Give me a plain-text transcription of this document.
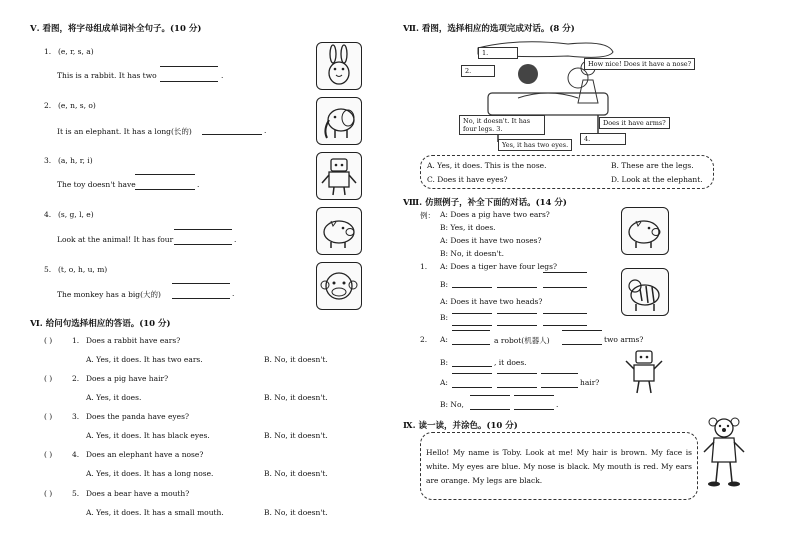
Ⅴ. 看图，将字母组成单词补全句子。(10 分)
1. (e, r, s, a)
This is a rabbit. It has two	.
2. (e, n, s, o)
It is an elephant. It has a long(长的)	.
3. (a, h, r, i)
The toy doesn't have	.
4. (s, g, l, e)
Look at the animal! It has four	.
5. (t, o, h, u, m)
The monkey has a big(大的)	.
Ⅵ. 给问句选择相应的答语。(10 分)
( )	1. Does a rabbit have ears?
A. Yes, it does. It has two ears.	B. No, it doesn't.
( )	2. Does a pig have hair?
A. Yes, it does.	B. No, it doesn't.
( )	3. Does the panda have eyes?
A. Yes, it does. It has black eyes.	B. No, it doesn't.
( )	4. Does an elephant have a nose?
A. Yes, it does. It has a long nose.	B. No, it doesn't.
( )	5. Does a bear have a mouth?
A. Yes, it does. It has a small mouth.	B. No, it doesn't.
Ⅶ. 看图，选择相应的选项完成对话。(8 分)
1.
2.
How nice! Does it have a nose?
No, it doesn't. It has
four legs. 3.
Does it have arms?
4.
Yes, it has two eyes.
A. Yes, it does. This is the nose.	B. These are the legs.
C. Does it have eyes?	D. Look at the elephant.
Ⅷ. 仿照例子，补全下面的对话。(14 分)
例： A: Does a pig have two ears?
B: Yes, it does.
A: Does it have two noses?
B: No, it doesn't.
1. A: Does a tiger have four legs?
B:
A: Does it have two heads?
B:
2. A:	a robot(机器人)	two arms?
B:	, it does.
A:	hair?
B: No,	.
Ⅸ. 读一读，并涂色。(10 分)
Hello! My name is Toby. Look at me! My hair is brown. My face is white. My eyes are blue. My nose is black. My mouth is red. My ears are orange. My legs are black.
